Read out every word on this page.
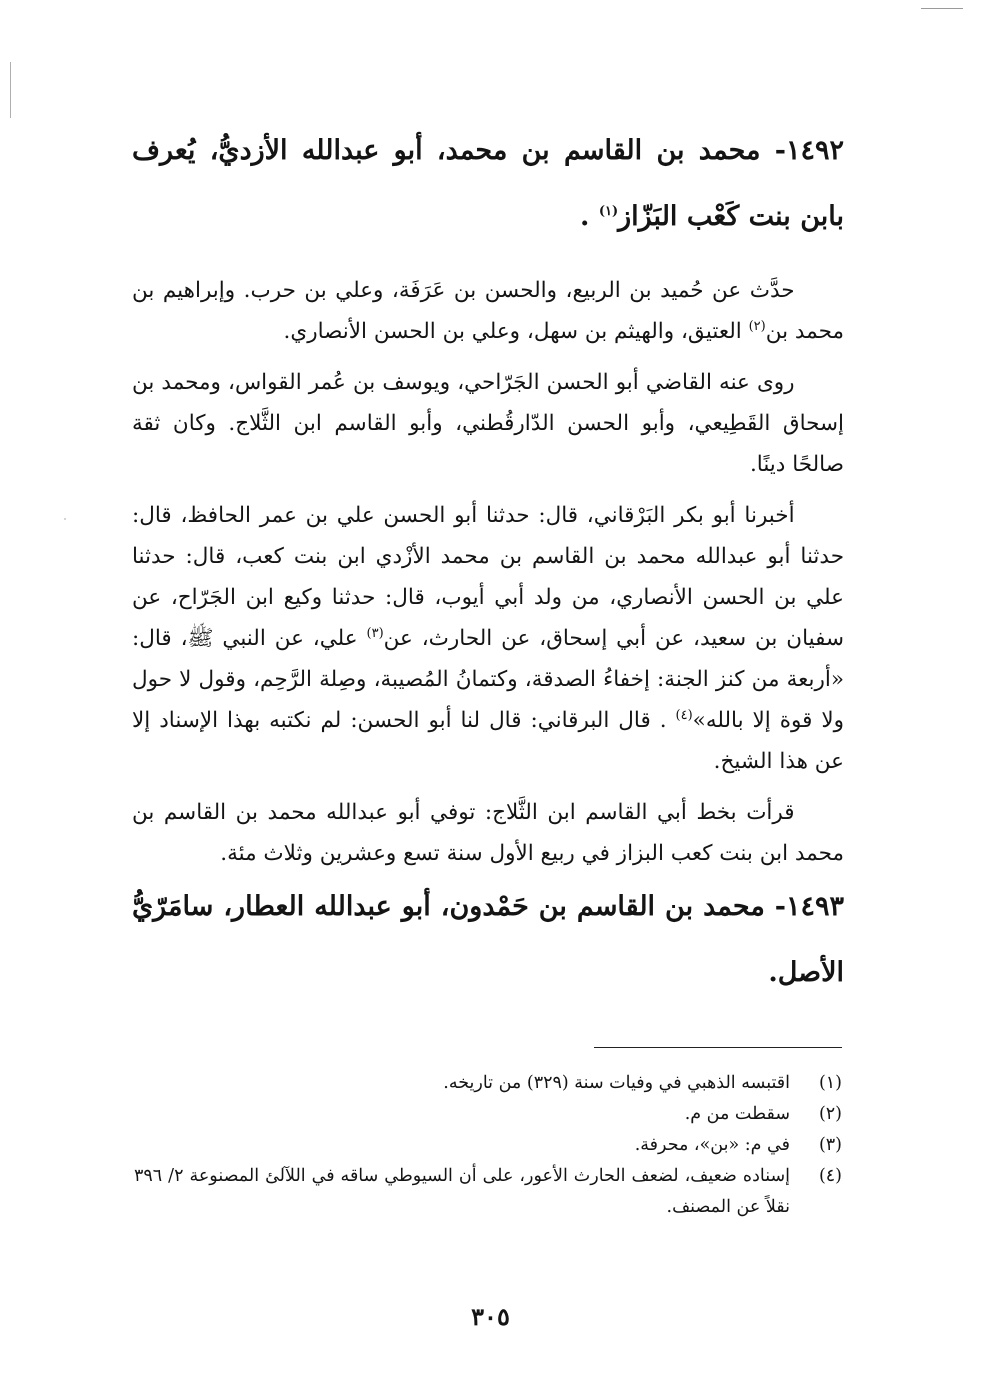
١٤٩٢- محمد بن القاسم بن محمد، أبو عبدالله الأزديُّ، يُعرف بابن بنت كَعْب البَزّاز$^{(١)}$ .

حدَّث عن حُميد بن الربيع، والحسن بن عَرَفَة، وعلي بن حرب. وإبراهيم بن محمد بن$^{(٢)}$ العتيق، والهيثم بن سهل، وعلي بن الحسن الأنصاري.

روى عنه القاضي أبو الحسن الجَرّاحي، ويوسف بن عُمر القواس، ومحمد بن إسحاق القَطِيعي، وأبو الحسن الدّارقُطني، وأبو القاسم ابن الثَّلاج. وكان ثقة صالحًا دينًا.

أخبرنا أبو بكر البَرْقاني، قال: حدثنا أبو الحسن علي بن عمر الحافظ، قال: حدثنا أبو عبدالله محمد بن القاسم بن محمد الأزْدي ابن بنت كعب، قال: حدثنا علي بن الحسن الأنصاري، من ولد أبي أيوب، قال: حدثنا وكيع ابن الجَرّاح، عن سفيان بن سعيد، عن أبي إسحاق، عن الحارث، عن$^{(٣)}$ علي، عن النبي ﷺ، قال: «أربعة من كنز الجنة: إخفاءُ الصدقة، وكتمانُ المُصيبة، وصِلة الرَّحِم، وقول لا حول ولا قوة إلا بالله»$^{(٤)}$ . قال البرقاني: قال لنا أبو الحسن: لم نكتبه بهذا الإسناد إلا عن هذا الشيخ.

قرأت بخط أبي القاسم ابن الثَّلاج: توفي أبو عبدالله محمد بن القاسم بن محمد ابن بنت كعب البزاز في ربيع الأول سنة تسع وعشرين وثلاث مئة.

١٤٩٣- محمد بن القاسم بن حَمْدون، أبو عبدالله العطار، سامَرّيُّ الأصل.

(١)
اقتبسه الذهبي في وفيات سنة (٣٢٩) من تاريخه.
(٢)
سقطت من م.
(٣)
في م: «بن»، محرفة.
(٤)
إسناده ضعيف، لضعف الحارث الأعور، على أن السيوطي ساقه في اللآلئ المصنوعة ٢/ ٣٩٦ نقلاً عن المصنف.
٣٠٥
